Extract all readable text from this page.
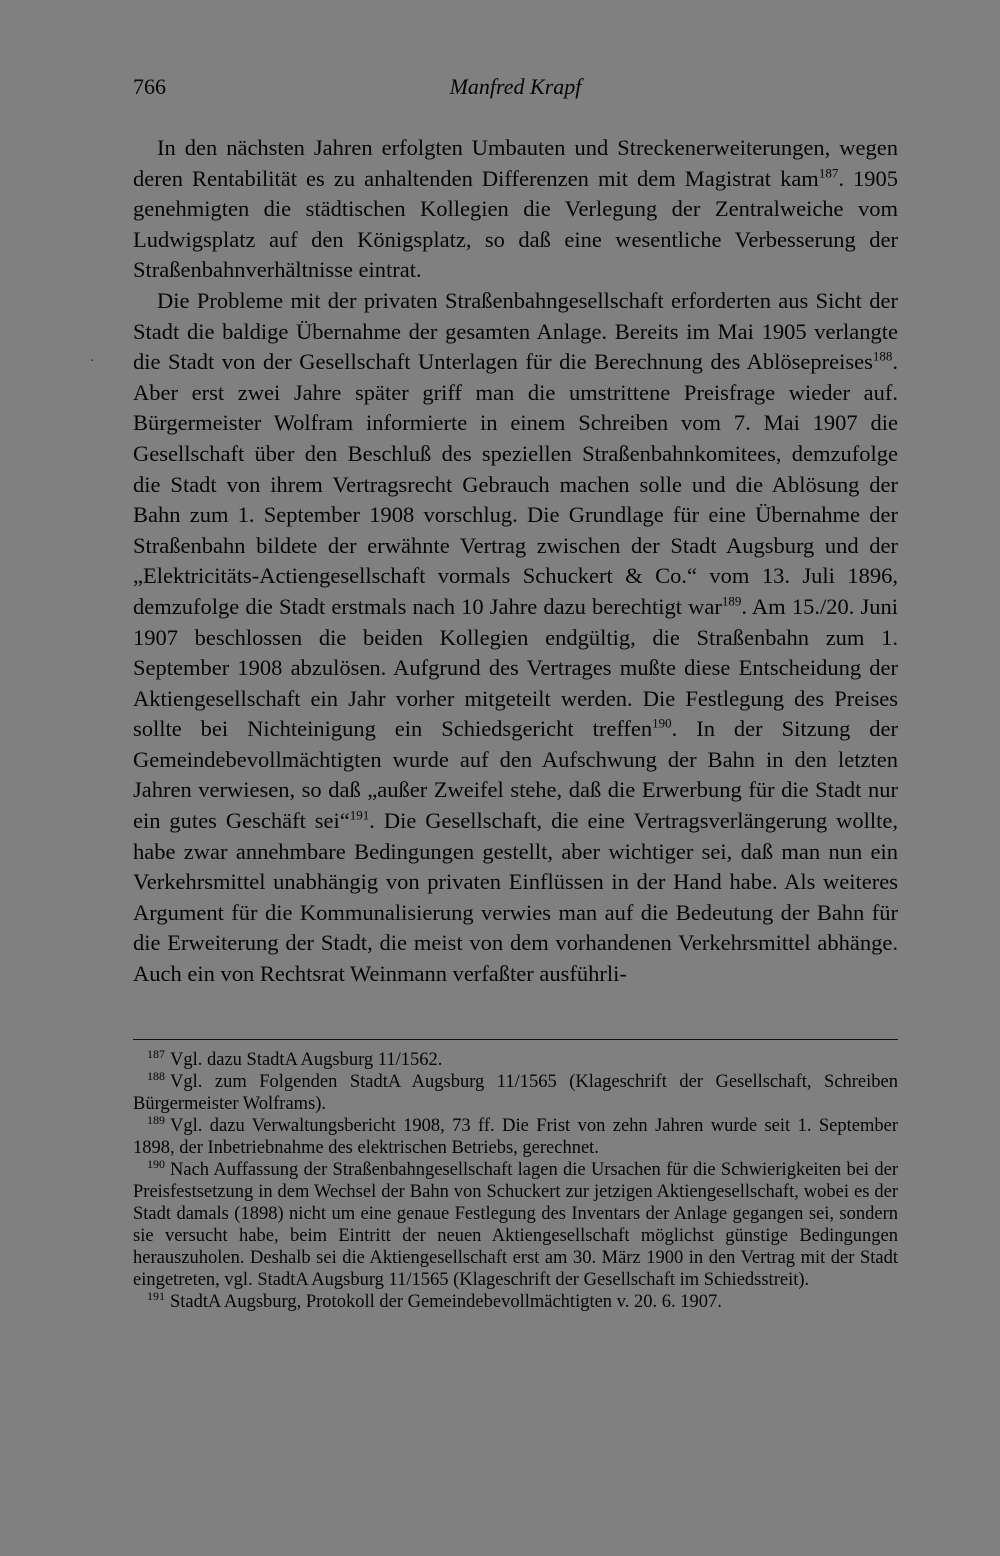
766	Manfred Krapf
·

In den nächsten Jahren erfolgten Umbauten und Streckenerweiterungen, wegen deren Rentabilität es zu anhaltenden Differenzen mit dem Magistrat kam$^{187}$. 1905 genehmigten die städtischen Kollegien die Verlegung der Zentralweiche vom Ludwigsplatz auf den Königsplatz, so daß eine wesentliche Verbesserung der Straßenbahnverhältnisse eintrat.

Die Probleme mit der privaten Straßenbahngesellschaft erforderten aus Sicht der Stadt die baldige Übernahme der gesamten Anlage. Bereits im Mai 1905 verlangte die Stadt von der Gesellschaft Unterlagen für die Berechnung des Ablösepreises$^{188}$. Aber erst zwei Jahre später griff man die umstrittene Preisfrage wieder auf. Bürgermeister Wolfram informierte in einem Schreiben vom 7. Mai 1907 die Gesellschaft über den Beschluß des speziellen Straßenbahnkomitees, demzufolge die Stadt von ihrem Vertragsrecht Gebrauch machen solle und die Ablösung der Bahn zum 1. September 1908 vorschlug. Die Grundlage für eine Übernahme der Straßenbahn bildete der erwähnte Vertrag zwischen der Stadt Augsburg und der „Elektricitäts-Actiengesellschaft vormals Schuckert & Co.“ vom 13. Juli 1896, demzufolge die Stadt erstmals nach 10 Jahre dazu berechtigt war$^{189}$. Am 15./20. Juni 1907 beschlossen die beiden Kollegien endgültig, die Straßenbahn zum 1. September 1908 abzulösen. Aufgrund des Vertrages mußte diese Entscheidung der Aktiengesellschaft ein Jahr vorher mitgeteilt werden. Die Festlegung des Preises sollte bei Nichteinigung ein Schiedsgericht treffen$^{190}$. In der Sitzung der Gemeindebevollmächtigten wurde auf den Aufschwung der Bahn in den letzten Jahren verwiesen, so daß „außer Zweifel stehe, daß die Erwerbung für die Stadt nur ein gutes Geschäft sei“$^{191}$. Die Gesellschaft, die eine Vertragsverlängerung wollte, habe zwar annehmbare Bedingungen gestellt, aber wichtiger sei, daß man nun ein Verkehrsmittel unabhängig von privaten Einflüssen in der Hand habe. Als weiteres Argument für die Kommunalisierung verwies man auf die Bedeutung der Bahn für die Erweiterung der Stadt, die meist von dem vorhandenen Verkehrsmittel abhänge. Auch ein von Rechtsrat Weinmann verfaßter ausführli-

$^{187}$ Vgl. dazu StadtA Augsburg 11/1562.

$^{188}$ Vgl. zum Folgenden StadtA Augsburg 11/1565 (Klageschrift der Gesellschaft, Schreiben Bürgermeister Wolframs).

$^{189}$ Vgl. dazu Verwaltungsbericht 1908, 73 ff. Die Frist von zehn Jahren wurde seit 1. September 1898, der Inbetriebnahme des elektrischen Betriebs, gerechnet.

$^{190}$ Nach Auffassung der Straßenbahngesellschaft lagen die Ursachen für die Schwierigkeiten bei der Preisfestsetzung in dem Wechsel der Bahn von Schuckert zur jetzigen Aktiengesellschaft, wobei es der Stadt damals (1898) nicht um eine genaue Festlegung des Inventars der Anlage gegangen sei, sondern sie versucht habe, beim Eintritt der neuen Aktiengesellschaft möglichst günstige Bedingungen herauszuholen. Deshalb sei die Aktiengesellschaft erst am 30. März 1900 in den Vertrag mit der Stadt eingetreten, vgl. StadtA Augsburg 11/1565 (Klageschrift der Gesellschaft im Schiedsstreit).

$^{191}$ StadtA Augsburg, Protokoll der Gemeindebevollmächtigten v. 20. 6. 1907.
